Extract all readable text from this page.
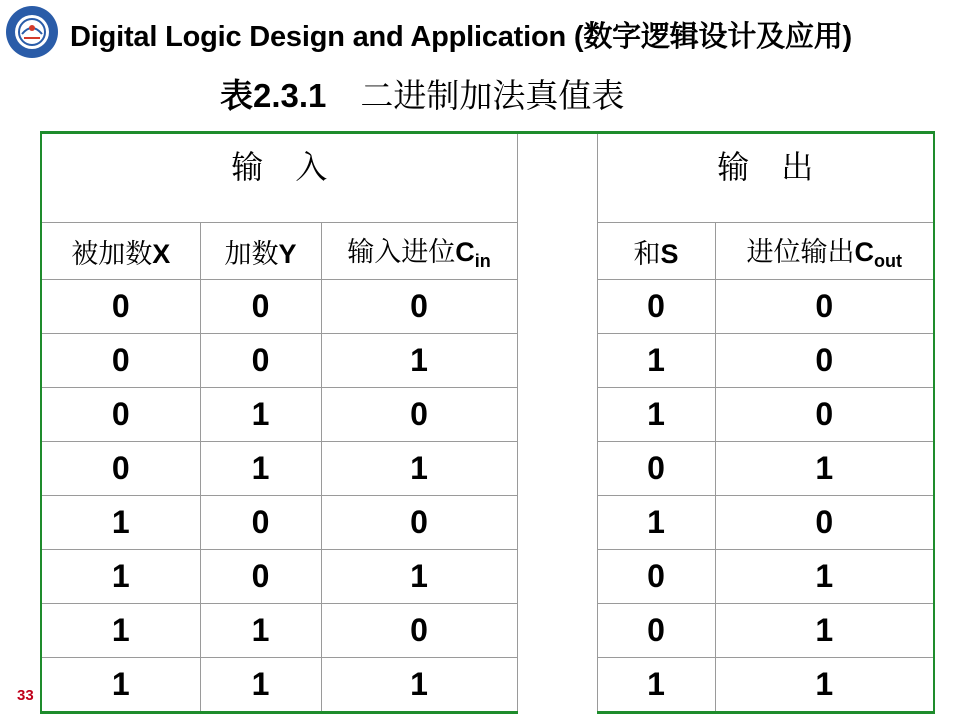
Digital Logic Design and Application (数字逻辑设计及应用)
表2.3.1 二进制加法真值表
输　入				输　出	
被加数X	加数Y	输入进位$C_{in}$		和S	进位输出$C_{out}$
0	0	0		0	0
0	0	1		1	0
0	1	0		1	0
0	1	1		0	1
1	0	0		1	0
1	0	1		0	1
1	1	0		0	1
1	1	1		1	1
33
